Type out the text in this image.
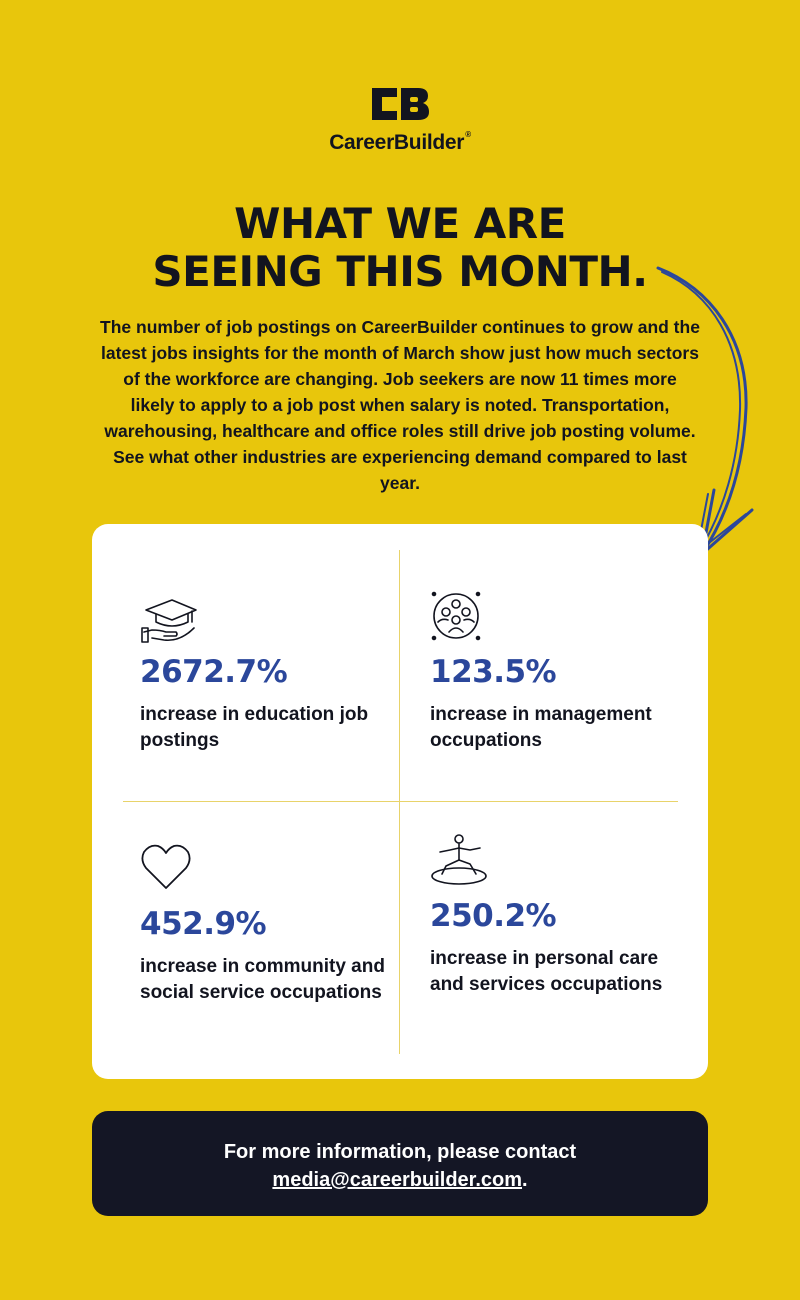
CareerBuilder®
WHAT WE ARE
SEEING THIS MONTH.

The number of job postings on CareerBuilder continues to grow and the latest jobs insights for the month of March show just how much sectors of the workforce are changing. Job seekers are now 11 times more likely to apply to a job post when salary is noted. Transportation, warehousing, healthcare and office roles still drive job posting volume. See what other industries are experiencing demand compared to last year.

2672.7%
increase in education job postings
123.5%
increase in management occupations
452.9%
increase in community and social service occupations
250.2%
increase in personal care and services occupations
For more information, please contact
media@careerbuilder.com.
